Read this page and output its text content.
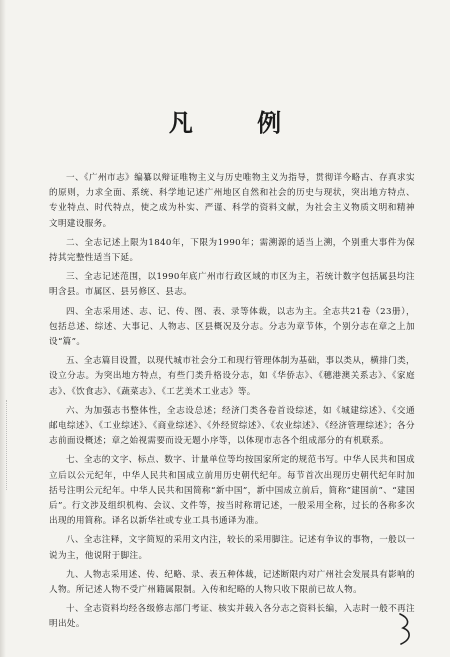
凡 例

一、《广州市志》编纂以辩证唯物主义与历史唯物主义为指导，贯彻详今略古、存真求实的原则，力求全面、系统、科学地记述广州地区自然和社会的历史与现状，突出地方特点、专业特点、时代特点，使之成为朴实、严谨、科学的资料文献，为社会主义物质文明和精神文明建设服务。

二、全志记述上限为1840年，下限为1990年；需溯源的适当上溯，个别重大事件为保持其完整性适当下延。

三、全志记述范围，以1990年底广州市行政区域的市区为主，若统计数字包括属县均注明含县。市属区、县另修区、县志。

四、全志采用述、志、记、传、图、表、录等体裁，以志为主。全志共21卷（23册），包括总述、综述、大事记、人物志、区县概况及分志。分志为章节体，个别分志在章之上加设“篇”。

五、全志篇目设置，以现代城市社会分工和现行管理体制为基础，事以类从，横排门类，设立分志。为突出地方特点，有些门类升格设分志，如《华侨志》、《穗港澳关系志》、《家庭志》、《饮食志》、《蔬菜志》、《工艺美术工业志》等。

六、为加强志书整体性，全志设总述；经济门类各卷首设综述，如《城建综述》、《交通邮电综述》、《工业综述》、《商业综述》、《外经贸综述》、《农业综述》、《经济管理综述》；各分志前面设概述；章之始视需要而设无题小序等，以体现市志各个组成部分的有机联系。

七、全志的文字、标点、数字、计量单位等均按国家所定的规范书写。中华人民共和国成立后以公元纪年，中华人民共和国成立前用历史朝代纪年。每节首次出现历史朝代纪年时加括号注明公元纪年。中华人民共和国简称“新中国”，新中国成立前后，简称“建国前”、“建国后”。行文涉及组织机构、会议、文件等，按当时称谓记述，一般采用全称，过长的各称多次出现的用简称。译名以新华社或专业工具书通译为准。

八、全志注释，文字简短的采用文内注，较长的采用脚注。记述有争议的事物，一般以一说为主，他说附于脚注。

九、人物志采用述、传、纪略、录、表五种体裁，记述断限内对广州社会发展具有影响的人物。所记述人物不受广州籍属限制。入传和纪略的人物只收下限前已故人物。

十、全志资料均经各级修志部门考证、核实并载入各分志之资料长编，入志时一般不再注明出处。
